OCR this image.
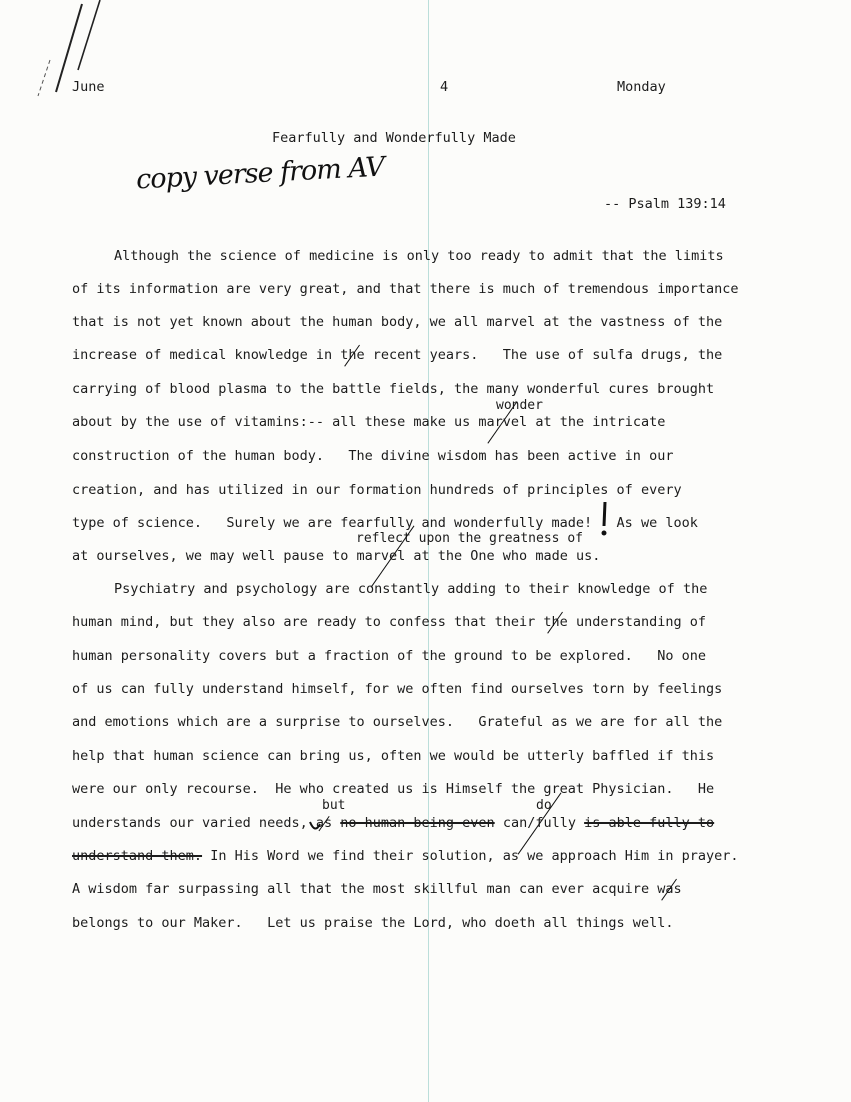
June	4	Monday
Fearfully and Wonderfully Made
copy verse from AV
-- Psalm 139:14
Although the science of medicine is only too ready to admit that the limits
of its information are very great, and that there is much of tremendous importance
that is not yet known about the human body, we all marvel at the vastness of the
increase of medical knowledge in the recent years.   The use of sulfa drugs, the
carrying of blood plasma to the battle fields, the many wonderful cures brought
wonder
about by the use of vitamins:-- all these make us marvel at the intricate
construction of the human body.   The divine wisdom has been active in our
creation, and has utilized in our formation hundreds of principles of every
type of science.   Surely we are fearfully and wonderfully made!   As we look
reflect upon the greatness of
at ourselves, we may well pause to marvel at the One who made us.
Psychiatry and psychology are constantly adding to their knowledge of the
human mind, but they also are ready to confess that their the understanding of
human personality covers but a fraction of the ground to be explored.   No one
of us can fully understand himself, for we often find ourselves torn by feelings
and emotions which are a surprise to ourselves.   Grateful as we are for all the
help that human science can bring us, often we would be utterly baffled if this
were our only recourse.  He who created us is Himself the great Physician.   He
but	do
understands our varied needs, as no human being even can/fully is able fully to
understand them. In His Word we find their solution, as we approach Him in prayer.
A wisdom far surpassing all that the most skillful man can ever acquire was
belongs to our Maker.   Let us praise the Lord, who doeth all things well.
